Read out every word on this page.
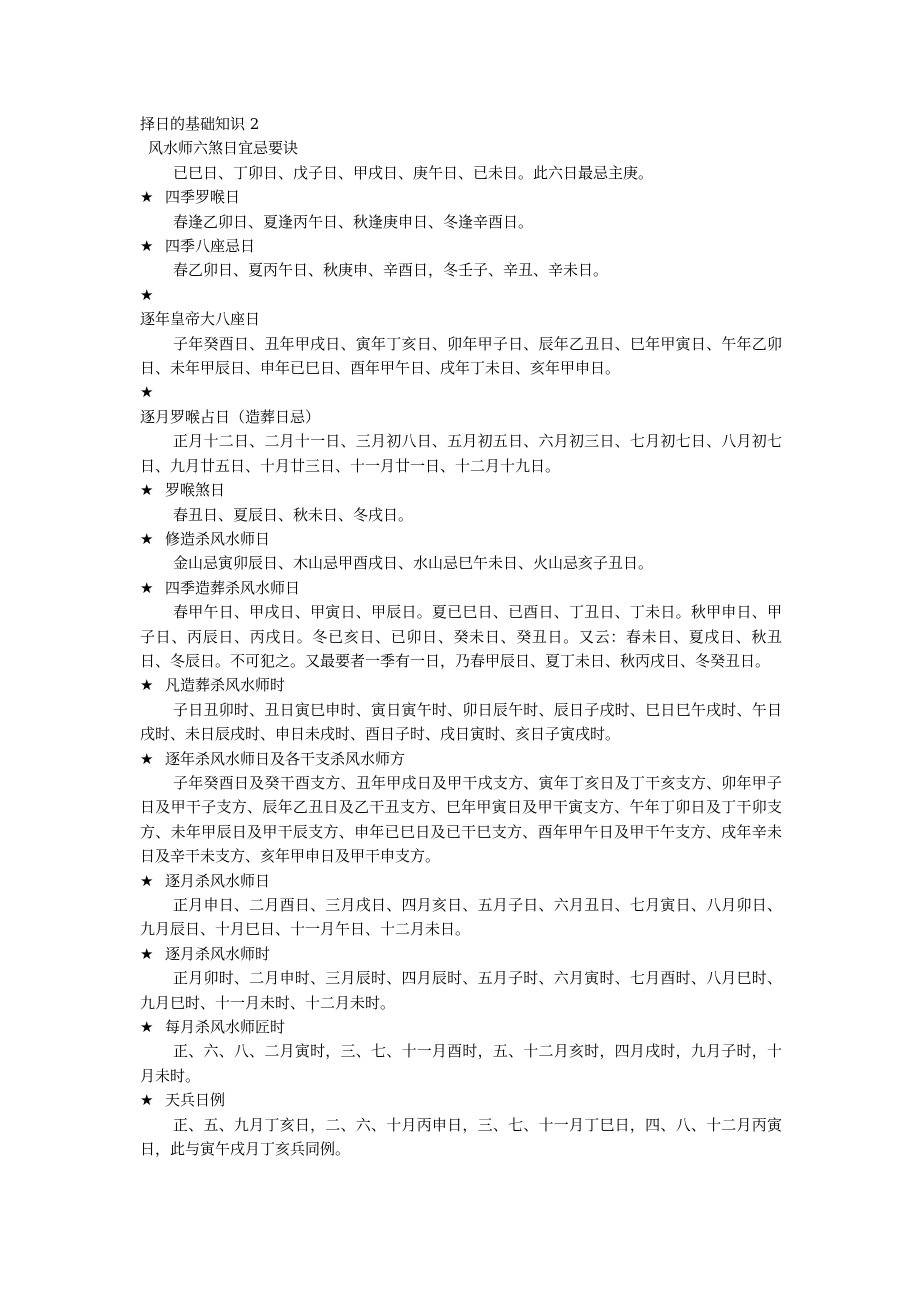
择日的基础知识 2
风水师六煞日宜忌要诀
已巳日、丁卯日、戊子日、甲戌日、庚午日、已未日。此六日最忌主庚。
★ 四季罗喉日
春逢乙卯日、夏逢丙午日、秋逢庚申日、冬逢辛酉日。
★ 四季八座忌日
春乙卯日、夏丙午日、秋庚申、辛酉日，冬壬子、辛丑、辛未日。
★
逐年皇帝大八座日
子年癸酉日、丑年甲戌日、寅年丁亥日、卯年甲子日、辰年乙丑日、巳年甲寅日、午年乙卯日、未年甲辰日、申年已巳日、酉年甲午日、戌年丁未日、亥年甲申日。
★
逐月罗喉占日（造葬日忌）
正月十二日、二月十一日、三月初八日、五月初五日、六月初三日、七月初七日、八月初七日、九月廿五日、十月廿三日、十一月廿一日、十二月十九日。
★ 罗喉煞日
春丑日、夏辰日、秋未日、冬戌日。
★ 修造杀风水师日
金山忌寅卯辰日、木山忌甲酉戌日、水山忌巳午未日、火山忌亥子丑日。
★ 四季造葬杀风水师日
春甲午日、甲戌日、甲寅日、甲辰日。夏已巳日、已酉日、丁丑日、丁未日。秋甲申日、甲子日、丙辰日、丙戌日。冬已亥日、已卯日、癸未日、癸丑日。又云：春未日、夏戌日、秋丑日、冬辰日。不可犯之。又最要者一季有一日，乃春甲辰日、夏丁未日、秋丙戌日、冬癸丑日。
★ 凡造葬杀风水师时
子日丑卯时、丑日寅巳申时、寅日寅午时、卯日辰午时、辰日子戌时、巳日巳午戌时、午日戌时、未日辰戌时、申日未戌时、酉日子时、戌日寅时、亥日子寅戌时。
★ 逐年杀风水师日及各干支杀风水师方
子年癸酉日及癸干酉支方、丑年甲戌日及甲干戌支方、寅年丁亥日及丁干亥支方、卯年甲子日及甲干子支方、辰年乙丑日及乙干丑支方、巳年甲寅日及甲干寅支方、午年丁卯日及丁干卯支方、未年甲辰日及甲干辰支方、申年已巳日及已干巳支方、酉年甲午日及甲干午支方、戌年辛未日及辛干未支方、亥年甲申日及甲干申支方。
★ 逐月杀风水师日
正月申日、二月酉日、三月戌日、四月亥日、五月子日、六月丑日、七月寅日、八月卯日、九月辰日、十月巳日、十一月午日、十二月未日。
★ 逐月杀风水师时
正月卯时、二月申时、三月辰时、四月辰时、五月子时、六月寅时、七月酉时、八月巳时、九月巳时、十一月未时、十二月未时。
★ 每月杀风水师匠时
正、六、八、二月寅时，三、七、十一月酉时，五、十二月亥时，四月戌时，九月子时，十月未时。
★ 天兵日例
正、五、九月丁亥日，二、六、十月丙申日，三、七、十一月丁巳日，四、八、十二月丙寅日，此与寅午戌月丁亥兵同例。
